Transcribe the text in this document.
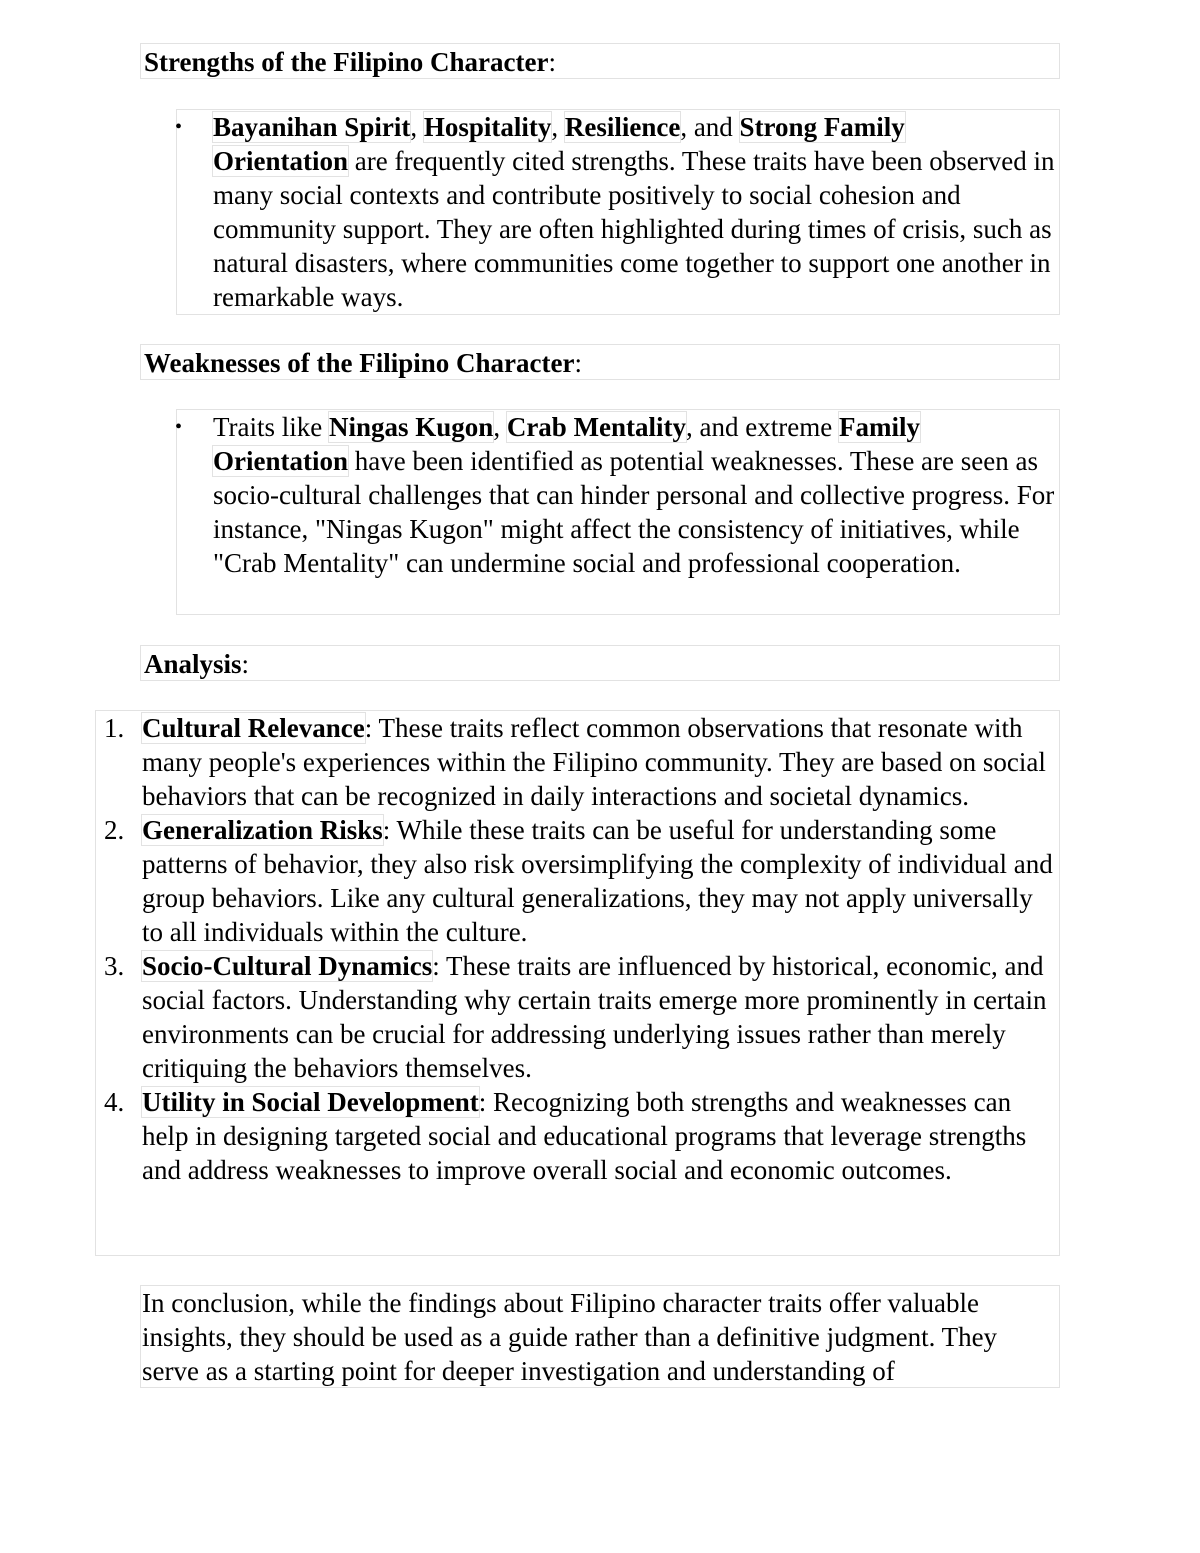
Strengths of the Filipino Character:
• Bayanihan Spirit, Hospitality, Resilience, and Strong Family
Orientation are frequently cited strengths. These traits have been observed in many social contexts and contribute positively to social cohesion and community support. They are often highlighted during times of crisis, such as natural disasters, where communities come together to support one another in remarkable ways.
Weaknesses of the Filipino Character:
• Traits like Ningas Kugon, Crab Mentality, and extreme Family
Orientation have been identified as potential weaknesses. These are seen as socio-cultural challenges that can hinder personal and collective progress. For instance, "Ningas Kugon" might affect the consistency of initiatives, while "Crab Mentality" can undermine social and professional cooperation.
Analysis:
1. Cultural Relevance: These traits reflect common observations that resonate with many people's experiences within the Filipino community. They are based on social behaviors that can be recognized in daily interactions and societal dynamics.
2. Generalization Risks: While these traits can be useful for understanding some patterns of behavior, they also risk oversimplifying the complexity of individual and group behaviors. Like any cultural generalizations, they may not apply universally to all individuals within the culture.
3. Socio-Cultural Dynamics: These traits are influenced by historical, economic, and social factors. Understanding why certain traits emerge more prominently in certain environments can be crucial for addressing underlying issues rather than merely critiquing the behaviors themselves.
4. Utility in Social Development: Recognizing both strengths and weaknesses can help in designing targeted social and educational programs that leverage strengths and address weaknesses to improve overall social and economic outcomes.
In conclusion, while the findings about Filipino character traits offer valuable insights, they should be used as a guide rather than a definitive judgment. They serve as a starting point for deeper investigation and understanding of
